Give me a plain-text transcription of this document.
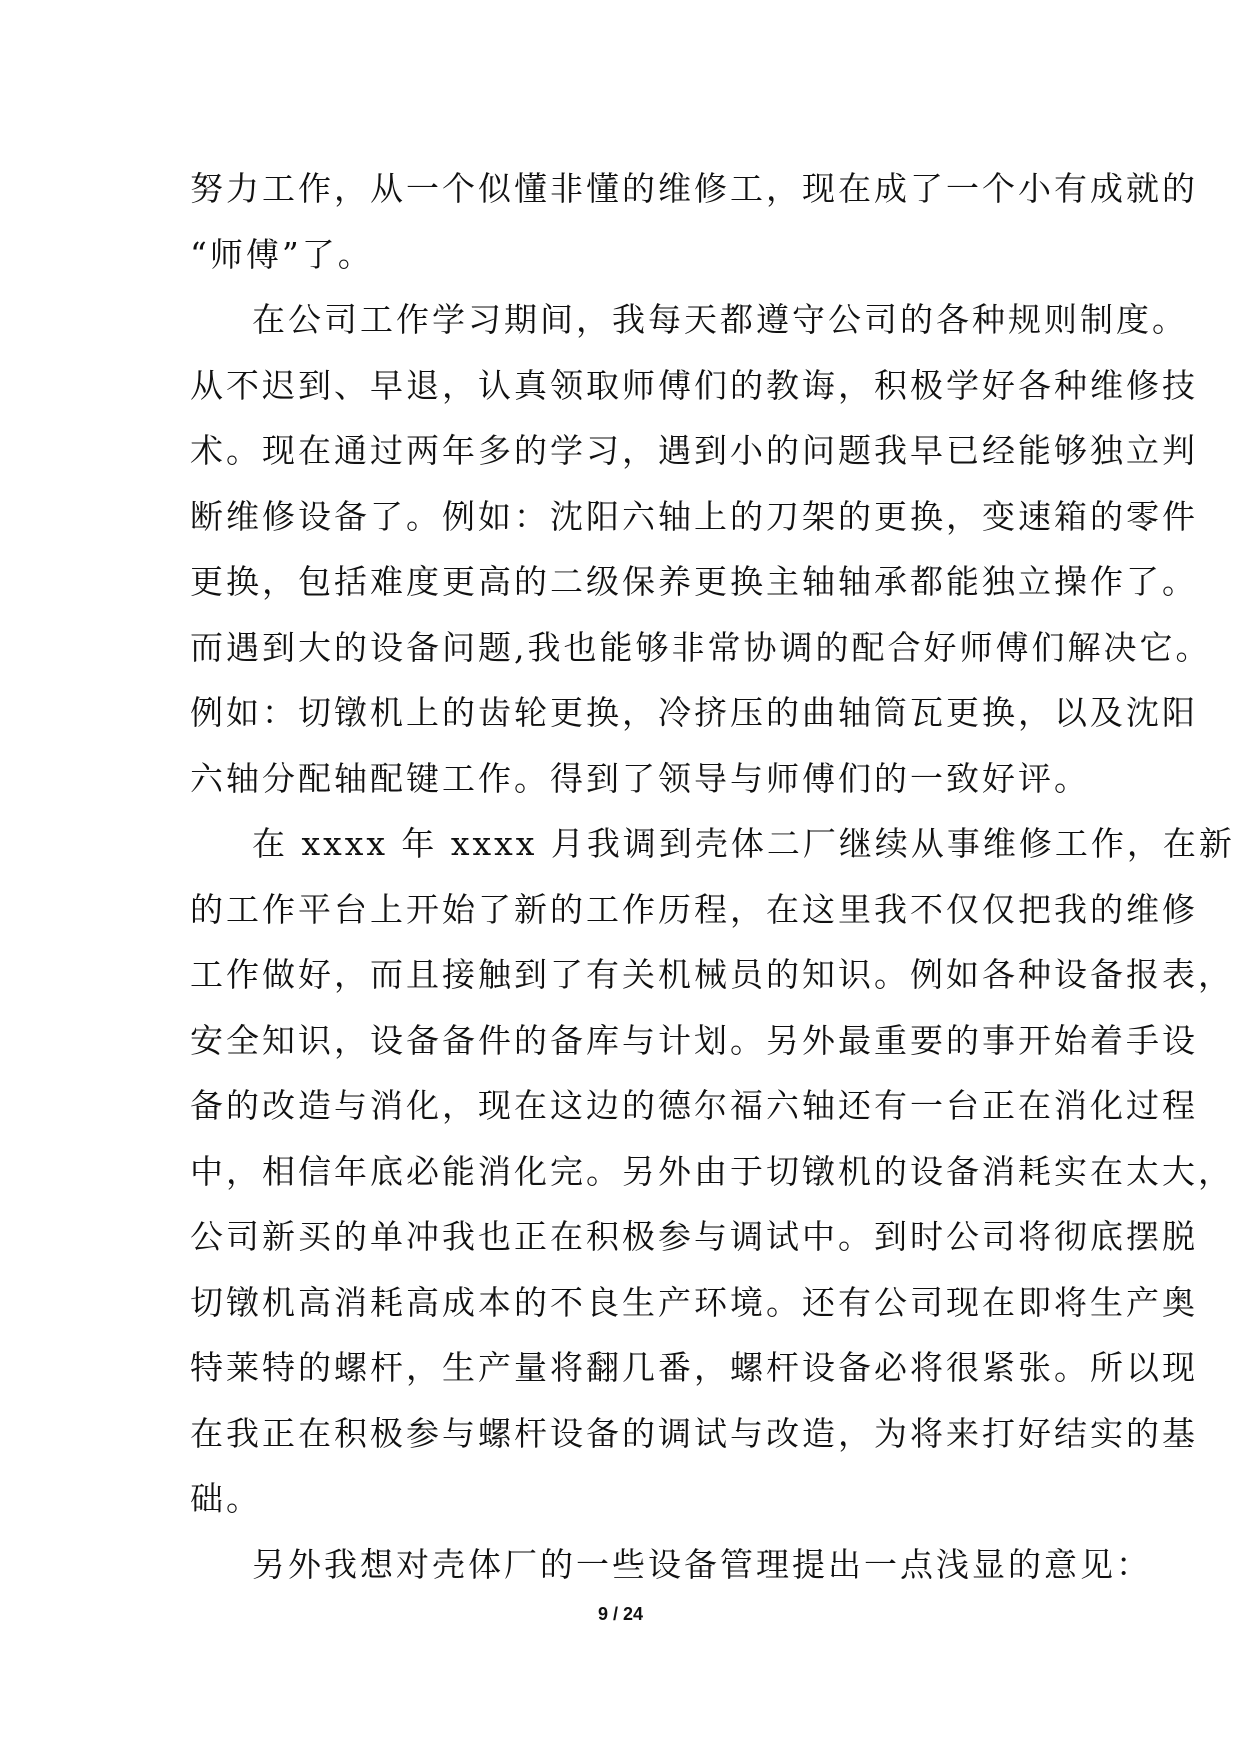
努力工作，从一个似懂非懂的维修工，现在成了一个小有成就的
“师傅”了。
在公司工作学习期间，我每天都遵守公司的各种规则制度。
从不迟到、早退，认真领取师傅们的教诲，积极学好各种维修技
术。现在通过两年多的学习，遇到小的问题我早已经能够独立判
断维修设备了。例如：沈阳六轴上的刀架的更换，变速箱的零件
更换，包括难度更高的二级保养更换主轴轴承都能独立操作了。
而遇到大的设备问题,我也能够非常协调的配合好师傅们解决它。
例如：切镦机上的齿轮更换，冷挤压的曲轴筒瓦更换，以及沈阳
六轴分配轴配键工作。得到了领导与师傅们的一致好评。
在 xxxx 年 xxxx 月我调到壳体二厂继续从事维修工作，在新
的工作平台上开始了新的工作历程，在这里我不仅仅把我的维修
工作做好，而且接触到了有关机械员的知识。例如各种设备报表，
安全知识，设备备件的备库与计划。另外最重要的事开始着手设
备的改造与消化，现在这边的德尔福六轴还有一台正在消化过程
中，相信年底必能消化完。另外由于切镦机的设备消耗实在太大，
公司新买的单冲我也正在积极参与调试中。到时公司将彻底摆脱
切镦机高消耗高成本的不良生产环境。还有公司现在即将生产奥
特莱特的螺杆，生产量将翻几番，螺杆设备必将很紧张。所以现
在我正在积极参与螺杆设备的调试与改造，为将来打好结实的基
础。
另外我想对壳体厂的一些设备管理提出一点浅显的意见：
9 / 24
